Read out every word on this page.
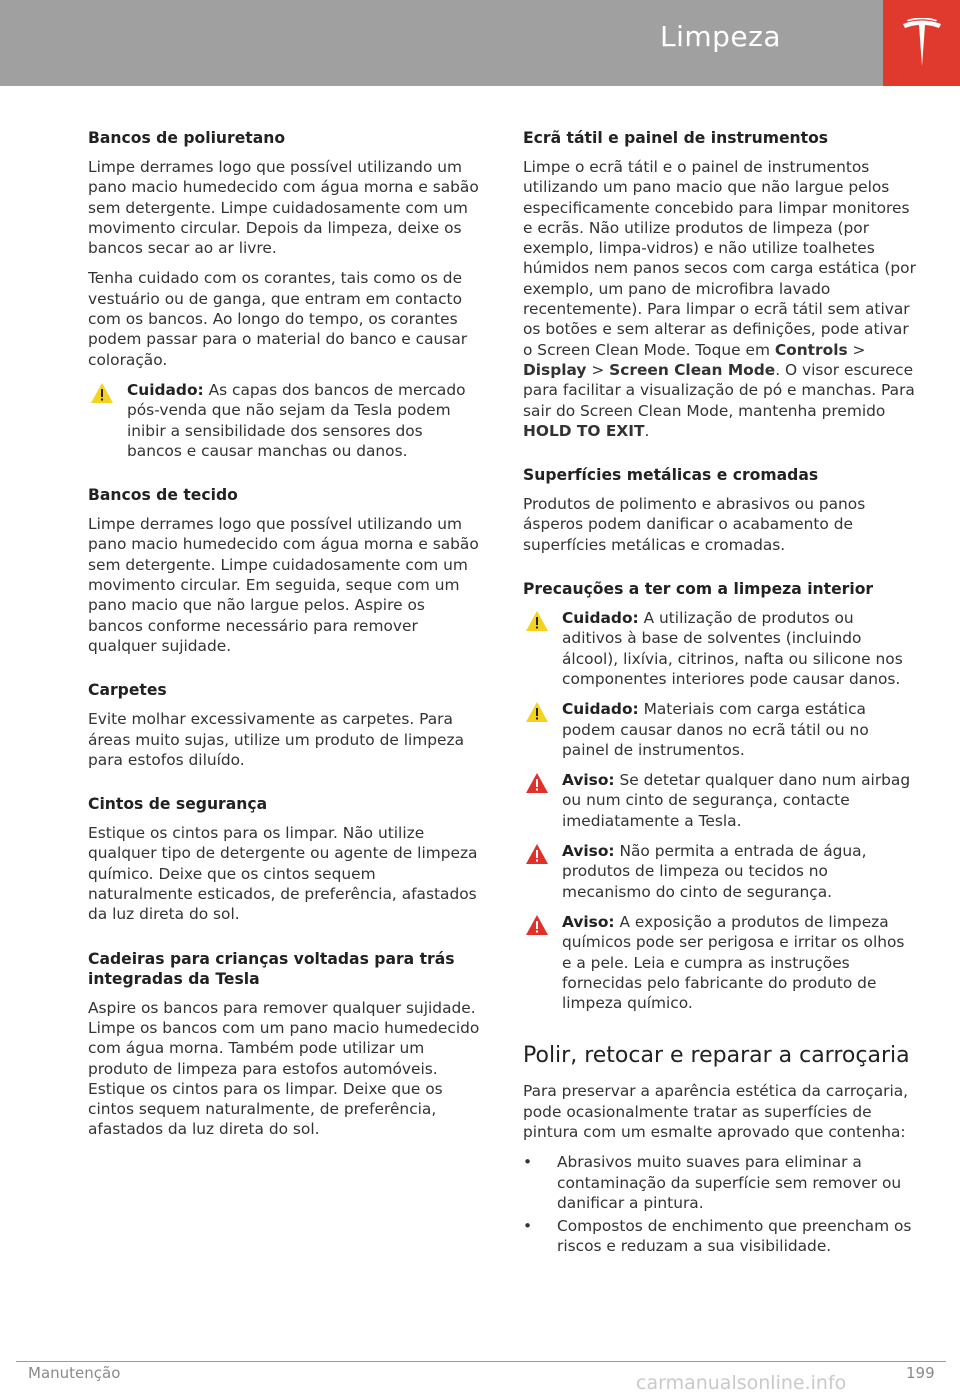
Limpeza
Bancos de poliuretano

Limpe derrames logo que possível utilizando um pano macio humedecido com água morna e sabão sem detergente. Limpe cuidadosamente com um movimento circular. Depois da limpeza, deixe os bancos secar ao ar livre.

Tenha cuidado com os corantes, tais como os de vestuário ou de ganga, que entram em contacto com os bancos. Ao longo do tempo, os corantes podem passar para o material do banco e causar coloração.

Cuidado: As capas dos bancos de mercado pós-venda que não sejam da Tesla podem inibir a sensibilidade dos sensores dos bancos e causar manchas ou danos.
Bancos de tecido

Limpe derrames logo que possível utilizando um pano macio humedecido com água morna e sabão sem detergente. Limpe cuidadosamente com um movimento circular. Em seguida, seque com um pano macio que não largue pelos. Aspire os bancos conforme necessário para remover qualquer sujidade.

Carpetes

Evite molhar excessivamente as carpetes. Para áreas muito sujas, utilize um produto de limpeza para estofos diluído.

Cintos de segurança

Estique os cintos para os limpar. Não utilize qualquer tipo de detergente ou agente de limpeza químico. Deixe que os cintos sequem naturalmente esticados, de preferência, afastados da luz direta do sol.

Cadeiras para crianças voltadas para trás integradas da Tesla

Aspire os bancos para remover qualquer sujidade. Limpe os bancos com um pano macio humedecido com água morna. Também pode utilizar um produto de limpeza para estofos automóveis. Estique os cintos para os limpar. Deixe que os cintos sequem naturalmente, de preferência, afastados da luz direta do sol.

Ecrã tátil e painel de instrumentos

Limpe o ecrã tátil e o painel de instrumentos utilizando um pano macio que não largue pelos especificamente concebido para limpar monitores e ecrãs. Não utilize produtos de limpeza (por exemplo, limpa-vidros) e não utilize toalhetes húmidos nem panos secos com carga estática (por exemplo, um pano de microfibra lavado recentemente). Para limpar o ecrã tátil sem ativar os botões e sem alterar as definições, pode ativar o Screen Clean Mode. Toque em Controls > Display > Screen Clean Mode. O visor escurece para facilitar a visualização de pó e manchas. Para sair do Screen Clean Mode, mantenha premido HOLD TO EXIT.

Superfícies metálicas e cromadas

Produtos de polimento e abrasivos ou panos ásperos podem danificar o acabamento de superfícies metálicas e cromadas.

Precauções a ter com a limpeza interior
Cuidado: A utilização de produtos ou aditivos à base de solventes (incluindo álcool), lixívia, citrinos, nafta ou silicone nos componentes interiores pode causar danos.
Cuidado: Materiais com carga estática podem causar danos no ecrã tátil ou no painel de instrumentos.
Aviso: Se detetar qualquer dano num airbag ou num cinto de segurança, contacte imediatamente a Tesla.
Aviso: Não permita a entrada de água, produtos de limpeza ou tecidos no mecanismo do cinto de segurança.
Aviso: A exposição a produtos de limpeza químicos pode ser perigosa e irritar os olhos e a pele. Leia e cumpra as instruções fornecidas pelo fabricante do produto de limpeza químico.
Polir, retocar e reparar a carroçaria

Para preservar a aparência estética da carroçaria, pode ocasionalmente tratar as superfícies de pintura com um esmalte aprovado que contenha:

• Abrasivos muito suaves para eliminar a contaminação da superfície sem remover ou danificar a pintura.
• Compostos de enchimento que preencham os riscos e reduzam a sua visibilidade.
Manutenção	199
carmanualsonline.info
